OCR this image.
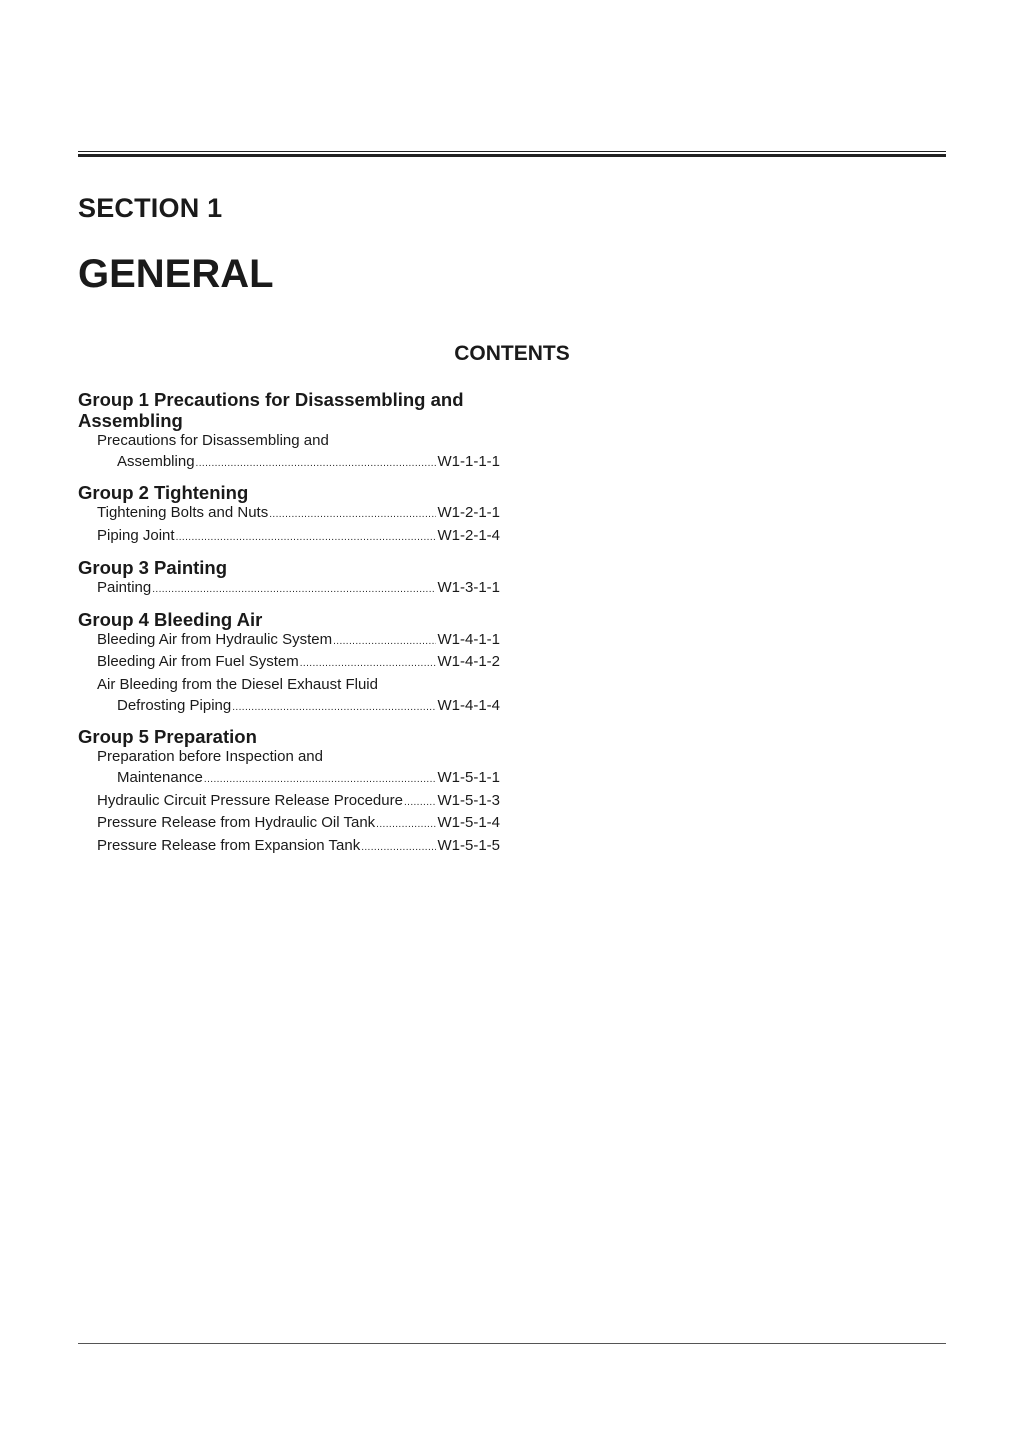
SECTION 1
GENERAL
CONTENTS
Group 1 Precautions for Disassembling and Assembling
Precautions for Disassembling and
Assembling .....	W1-1-1-1
Group 2 Tightening
Tightening Bolts and Nuts .....	W1-2-1-1
Piping Joint .....	W1-2-1-4
Group 3 Painting
Painting .....	W1-3-1-1
Group 4 Bleeding Air
Bleeding Air from Hydraulic System .....	W1-4-1-1
Bleeding Air from Fuel System .....	W1-4-1-2
Air Bleeding from the Diesel Exhaust Fluid
Defrosting Piping .....	W1-4-1-4
Group 5 Preparation
Preparation before Inspection and
Maintenance .....	W1-5-1-1
Hydraulic Circuit Pressure Release Procedure ..... W1-5-1-3
Pressure Release from Hydraulic Oil Tank .....	W1-5-1-4
Pressure Release from Expansion Tank .....	W1-5-1-5
